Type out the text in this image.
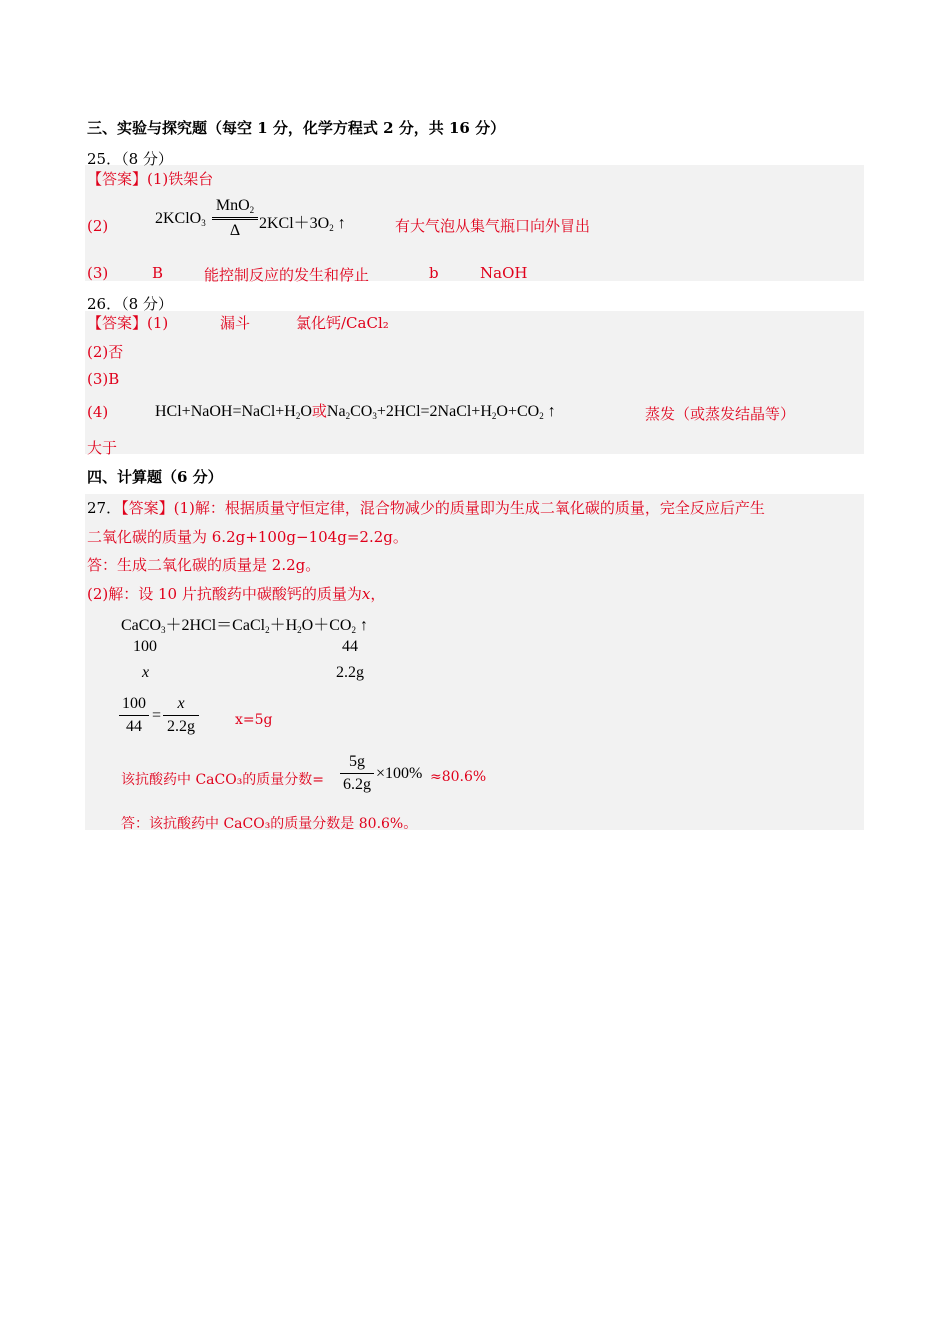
三、实验与探究题（每空 1 分，化学方程式 2 分，共 16 分）
25．（8 分）
【答案】(1)铁架台
(2)	2KClO$_3$
MnO$_2$
Δ	$2KCl+3O_2$ ↑	有大气泡从集气瓶口向外冒出
(3)	B	能控制反应的发生和停止	b	NaOH
26．（8 分）
【答案】(1)	漏斗	氯化钙/CaCl₂
(2)否
(3)B
(4)	$HCl+NaOH=NaCl+H_2O$或$Na_2CO_3+2HCl=2NaCl+H_2O+CO_2$ ↑	蒸发（或蒸发结晶等）
大于
四、计算题（6 分）
27．【答案】(1)解：根据质量守恒定律，混合物减少的质量即为生成二氧化碳的质量，完全反应后产生
二氧化碳的质量为 6.2g+100g−104g=2.2g。
答：生成二氧化碳的质量是 2.2g。
(2)解：设 10 片抗酸药中碳酸钙的质量为x，
$CaCO_3+2HCl=CaCl_2+H_2O+CO_2$ ↑
100	44
x	2.2g
100
44
=
x
2.2g	x=5g
该抗酸药中 CaCO₃的质量分数=
5g
6.2g
×100% ≈80.6%
答：该抗酸药中 CaCO₃的质量分数是 80.6%。
